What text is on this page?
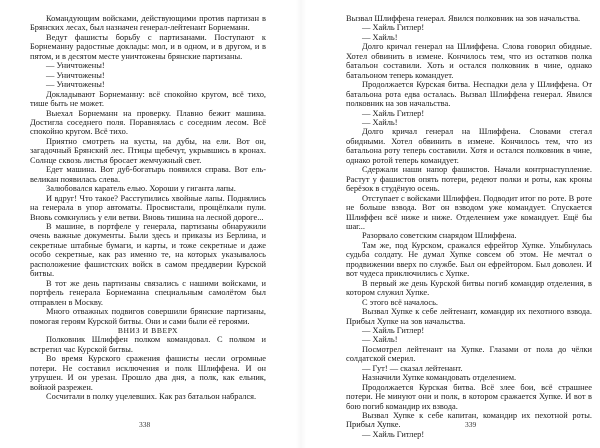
Командующим войсками, действующими против партизан в Брянских лесах, был назначен генерал-лейтенант Борнеманн.

Ведут фашисты борьбу с партизанами. Поступают к Борнеманну радостные доклады: мол, и в одном, и в другом, и в пятом, и в десятом месте уничтожены брянские партизаны.

— Уничтожены!

— Уничтожены!

— Уничтожены!

Докладывают Борнеманну: всё спокойно кругом, всё тихо, тише быть не может.

Выехал Борнеманн на проверку. Плавно бежит машина. Достигла соседнего поля. Поравнялась с соседним лесом. Всё спокойно кругом. Всё тихо.

Приятно смотреть на кусты, на дубы, на ели. Вот он, загадочный Брянский лес. Птицы щебечут, укрывшись в кронах. Солнце сквозь листья бросает жемчужный свет.

Едет машина. Вот дуб-богатырь появился справа. Вот ель-великан появилась слева.

Залюбовался каратель елью. Хороши у гиганта лапы.

И вдруг! Что такое? Расступились хвойные лапы. Поднялись на генерала в упор автоматы. Просвистали, прощёлкали пули. Вновь сомкнулись у ели ветви. Вновь тишина на лесной дороге...

В машине, в портфеле у генерала, партизаны обнаружили очень важные документы. Были здесь и приказы из Берлина, и секретные штабные бумаги, и карты, и тоже секретные и даже особо секретные, как раз именно те, на которых указывалось расположение фашистских войск в самом преддверии Курской битвы.

В тот же день партизаны связались с нашими войсками, и портфель генерала Борнеманна специальным самолётом был отправлен в Москву.

Много отважных подвигов совершили брянские партизаны, помогая героям Курской битвы. Они и сами были её героями.

ВНИЗ И ВВЕРХ

Полковник Шлиффен полком командовал. С полком и встретил час Курской битвы.

Во время Курского сражения фашисты несли огромные потери. Не составил исключения и полк Шлиффена. И он утрушен. И он урезан. Прошло два дня, а полк, как ельник, войной разрежен.

Сосчитали в полку уцелевших. Как раз батальон набрался.

338

Вызвал Шлиффена генерал. Явился полковник на зов начальства.

— Хайль Гитлер!

— Хайль!

Долго кричал генерал на Шлиффена. Слова говорил обидные. Хотел обвинить в измене. Кончилось тем, что из остатков полка батальон составили. Хоть и остался полковник в чине, однако батальоном теперь командует.

Продолжается Курская битва. Неспадки дела у Шлиффена. От батальона рота едва осталась. Вызвал Шлиффена генерал. Явился полковник на зов начальства.

— Хайль Гитлер!

— Хайль!

Долго кричал генерал на Шлиффена. Словами стегал обидными. Хотел обвинить в измене. Кончилось тем, что из батальона роту теперь составили. Хотя и остался полковник в чине, однако ротой теперь командует.

Сдержали наши напор фашистов. Начали контрнаступление. Растут у фашистов опять потери, редеют полки и роты, как кроны берёзок в студёную осень.

Отступает с войсками Шлиффен. Подводит итог по роте. В роте не больше взвода. Вот он взводом уже командует. Спускается Шлиффен всё ниже и ниже. Отделением уже командует. Ещё бы шаг...

Разорвало советским снарядом Шлиффена.

Там же, под Курском, сражался ефрейтор Хупке. Улыбнулась судьба солдату. Не думал Хупке совсем об этом. Не мечтал о продвижении вверх по службе. Был он ефрейтором. Был доволен. И вот чудеса приключились с Хупке.

В первый же день Курской битвы погиб командир отделения, в котором служил Хупке.

С этого всё началось.

Вызвал Хупке к себе лейтенант, командир их пехотного взвода. Прибыл Хупке на зов начальства.

— Хайль Гитлер!

— Хайль!

Посмотрел лейтенант на Хупке. Глазами от пола до чёлки солдатской смерил.

— Гут! — сказал лейтенант.

Назначили Хупке командовать отделением.

Продолжается Курская битва. Всё злее бои, всё страшнее потери. Не минуют они и полк, в котором сражается Хупке. И вот в бою погиб командир их взвода.

Вызвал Хупке к себе капитан, командир их пехотной роты. Прибыл Хупке.

— Хайль Гитлер!

339
